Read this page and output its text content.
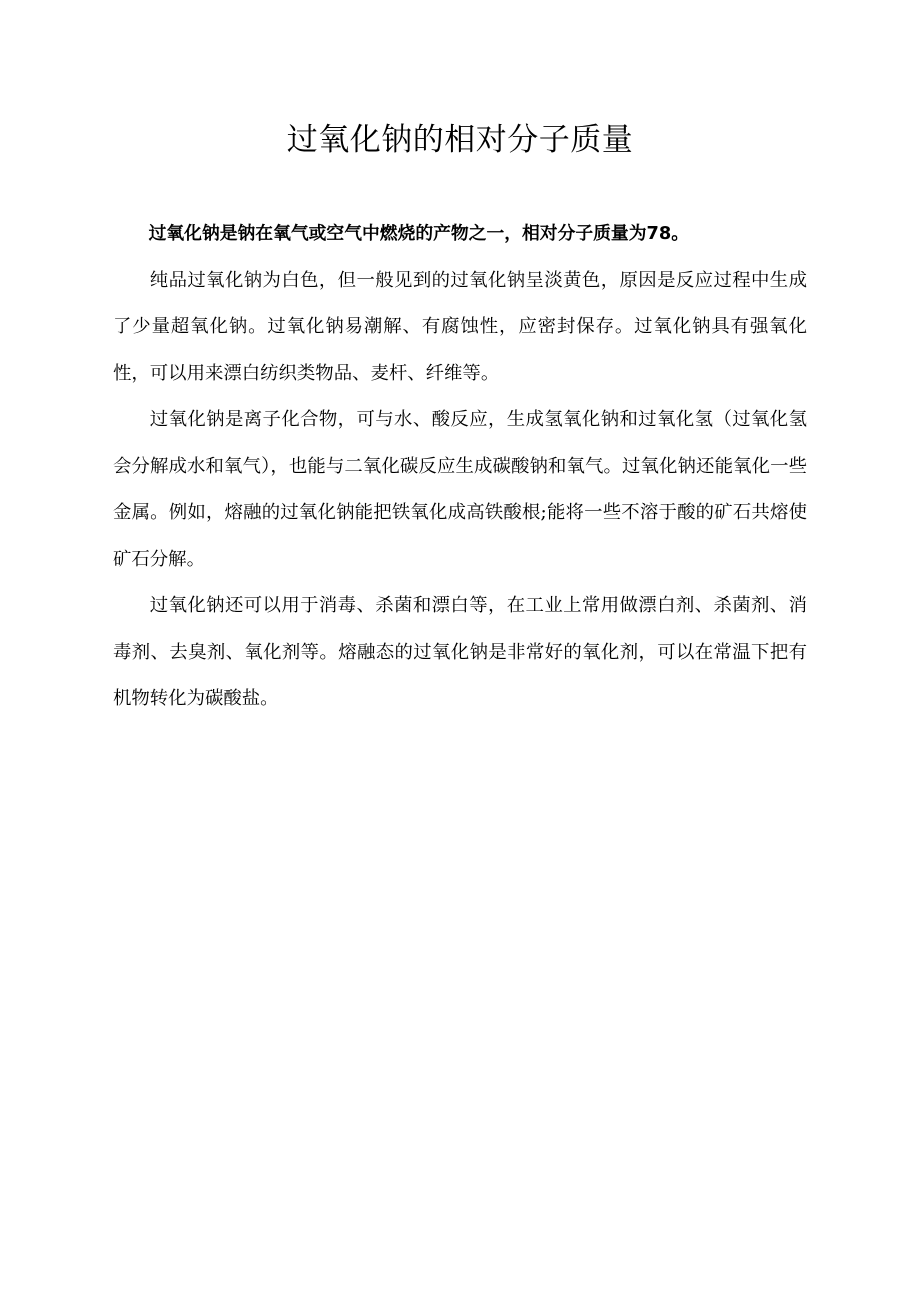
过氧化钠的相对分子质量

过氧化钠是钠在氧气或空气中燃烧的产物之一，相对分子质量为78。

纯品过氧化钠为白色，但一般见到的过氧化钠呈淡黄色，原因是反应过程中生成了少量超氧化钠。过氧化钠易潮解、有腐蚀性，应密封保存。过氧化钠具有强氧化性，可以用来漂白纺织类物品、麦杆、纤维等。

过氧化钠是离子化合物，可与水、酸反应，生成氢氧化钠和过氧化氢（过氧化氢会分解成水和氧气），也能与二氧化碳反应生成碳酸钠和氧气。过氧化钠还能氧化一些金属。例如，熔融的过氧化钠能把铁氧化成高铁酸根;能将一些不溶于酸的矿石共熔使矿石分解。

过氧化钠还可以用于消毒、杀菌和漂白等，在工业上常用做漂白剂、杀菌剂、消毒剂、去臭剂、氧化剂等。熔融态的过氧化钠是非常好的氧化剂，可以在常温下把有机物转化为碳酸盐。
